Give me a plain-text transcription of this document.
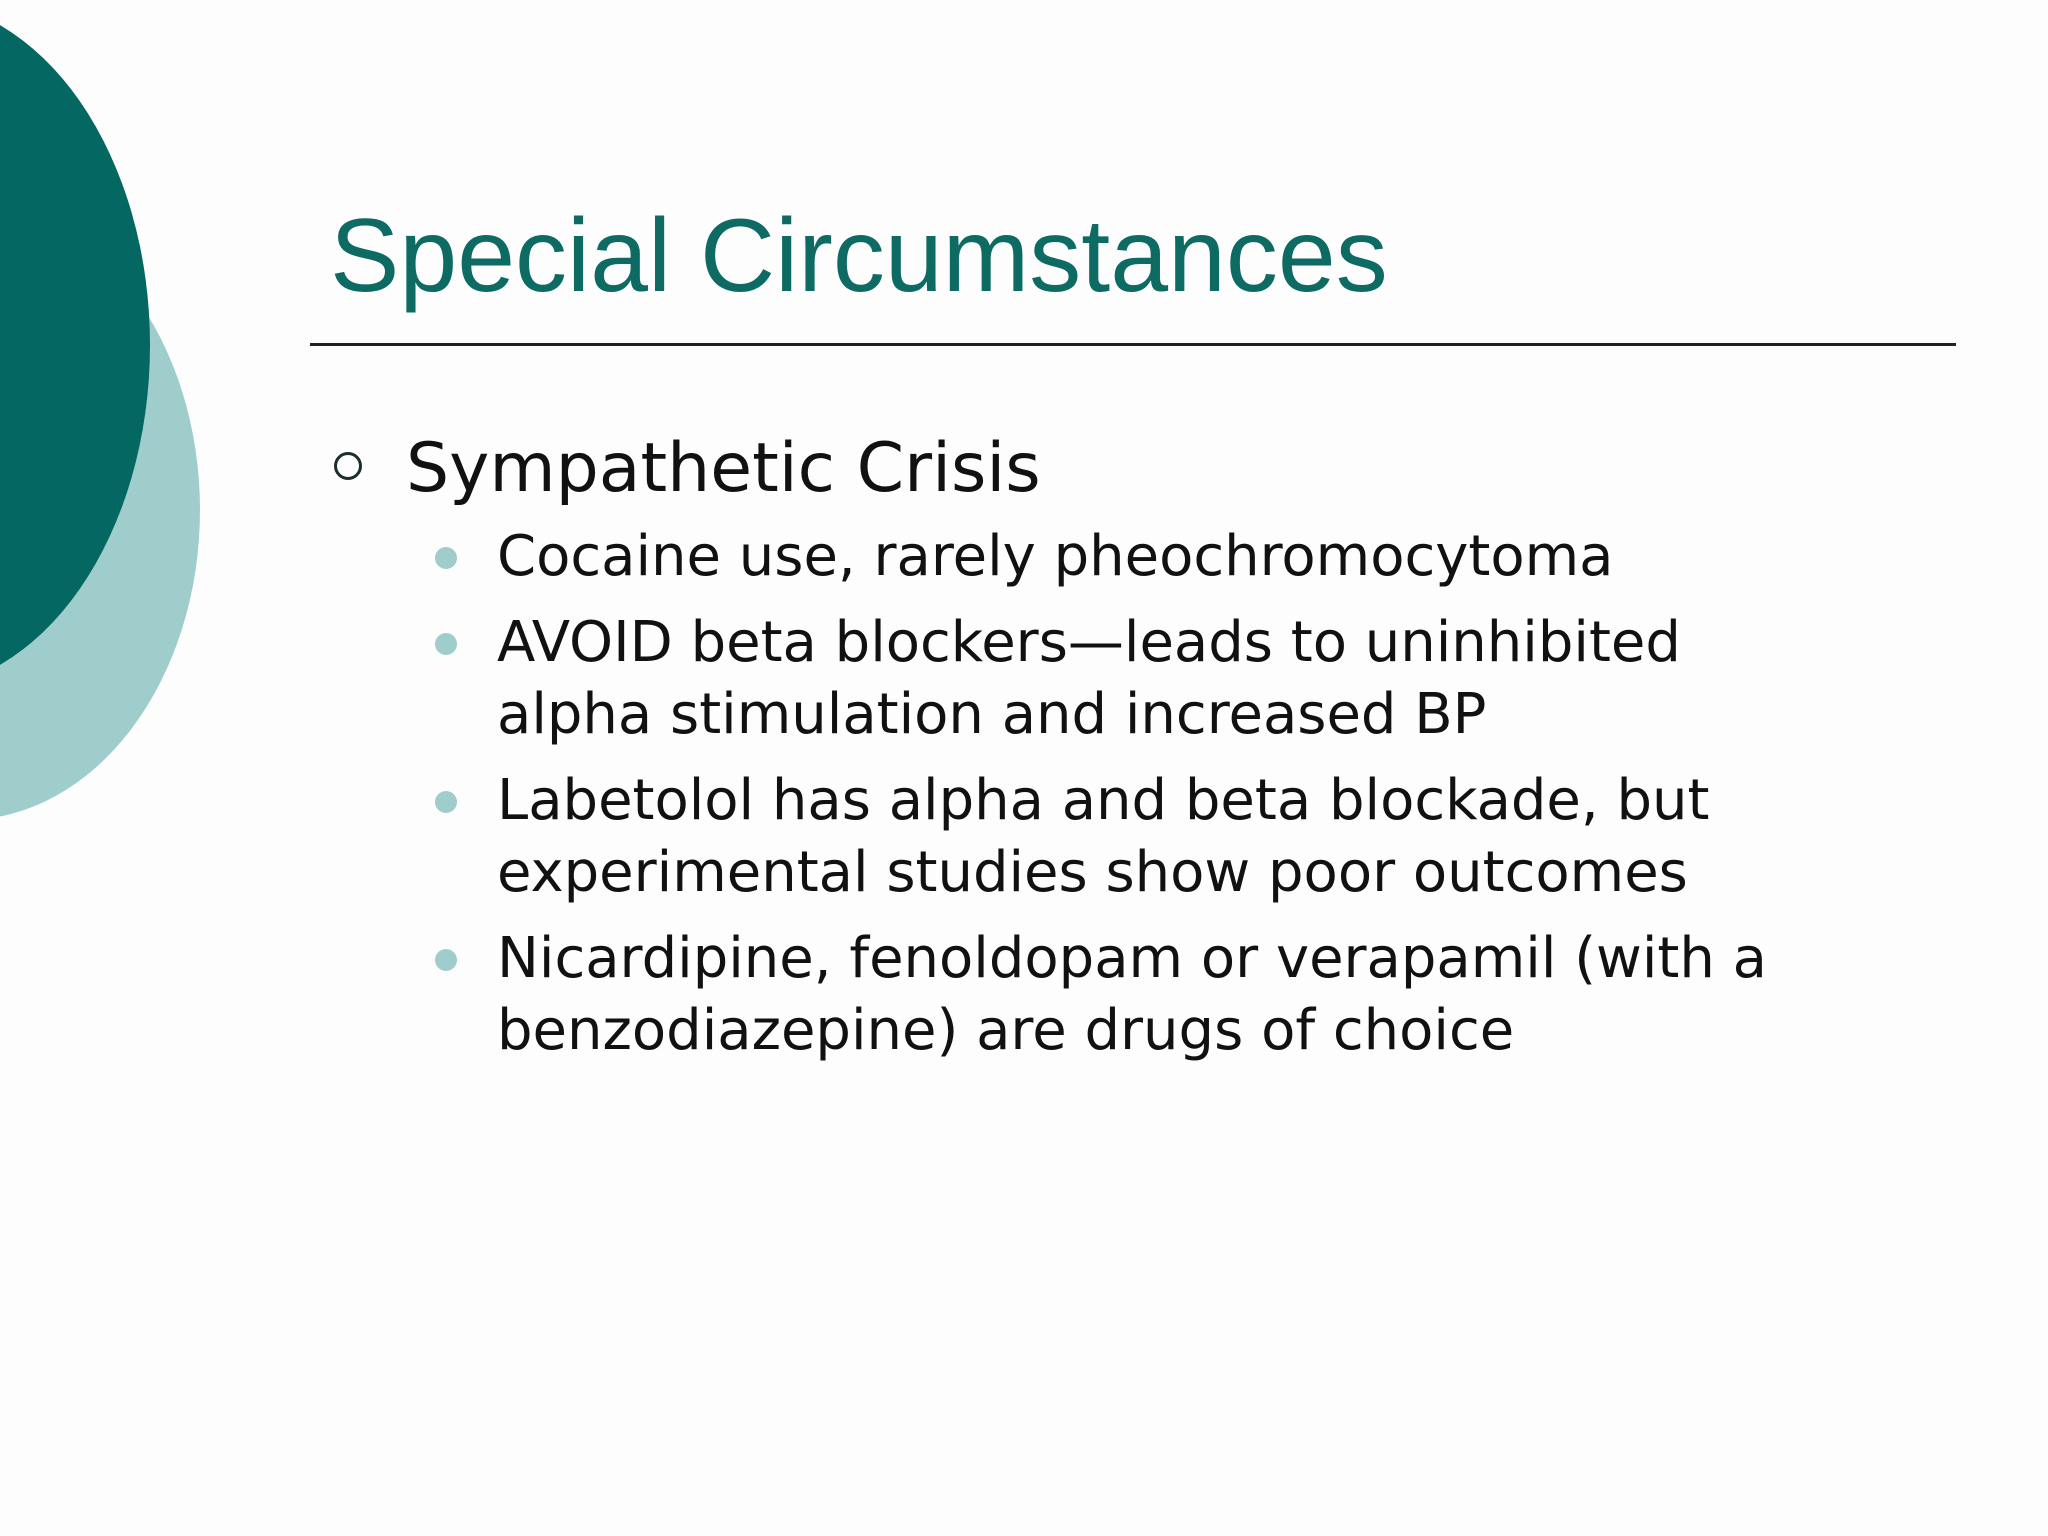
Special Circumstances
Sympathetic Crisis
Cocaine use, rarely pheochromocytoma
AVOID beta blockers—leads to uninhibited
alpha stimulation and increased BP
Labetolol has alpha and beta blockade, but
experimental studies show poor outcomes
Nicardipine, fenoldopam or verapamil (with a
benzodiazepine) are drugs of choice
